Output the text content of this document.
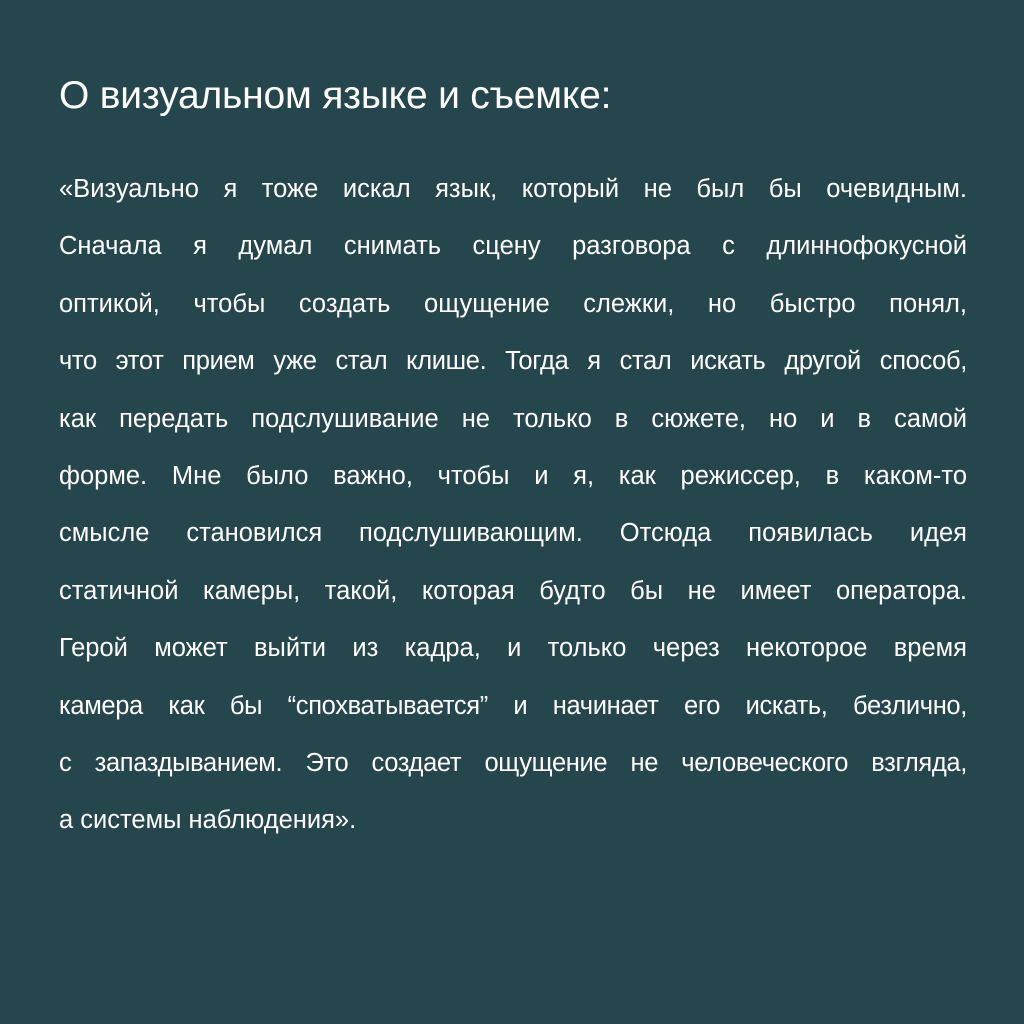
О визуальном языке и съемке:
«Визуально я тоже искал язык, который не был бы очевидным.
Сначала я думал снимать сцену разговора с длиннофокусной
оптикой, чтобы создать ощущение слежки, но быстро понял,
что этот прием уже стал клише. Тогда я стал искать другой способ,
как передать подслушивание не только в сюжете, но и в самой
форме. Мне было важно, чтобы и я, как режиссер, в каком-то
смысле становился подслушивающим. Отсюда появилась идея
статичной камеры, такой, которая будто бы не имеет оператора.
Герой может выйти из кадра, и только через некоторое время
камера как бы “спохватывается” и начинает его искать, безлично,
с запаздыванием. Это создает ощущение не человеческого взгляда,
а системы наблюдения».
